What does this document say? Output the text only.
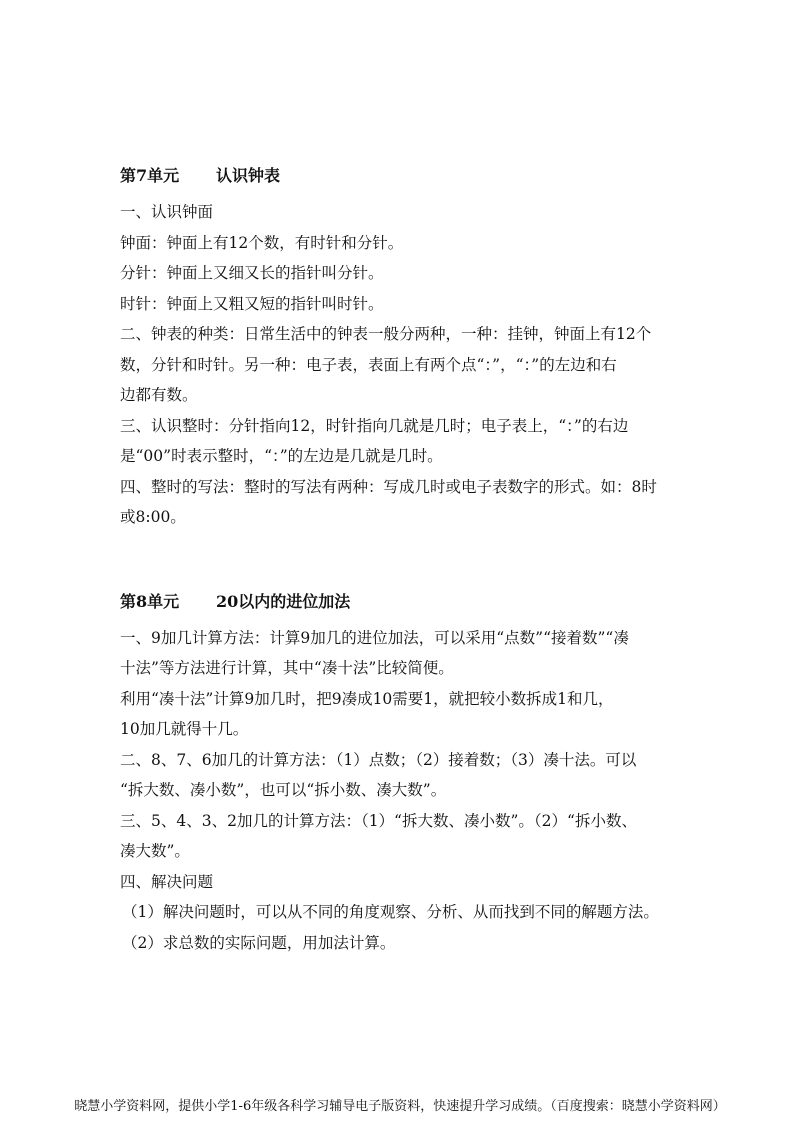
第7单元 认识钟表

一、认识钟面

钟面：钟面上有12个数，有时针和分针。

分针：钟面上又细又长的指针叫分针。

时针：钟面上又粗又短的指针叫时针。

二、钟表的种类：日常生活中的钟表一般分两种，一种：挂钟，钟面上有12个

数，分针和时针。另一种：电子表，表面上有两个点“：”，“：”的左边和右

边都有数。

三、认识整时：分针指向12，时针指向几就是几时；电子表上，“：”的右边

是“00”时表示整时，“：”的左边是几就是几时。

四、整时的写法：整时的写法有两种：写成几时或电子表数字的形式。如：8时

或8:00。

第8单元 20以内的进位加法

一、9加几计算方法：计算9加几的进位加法，可以采用“点数”“接着数”“凑

十法”等方法进行计算，其中“凑十法”比较简便。

利用“凑十法”计算9加几时，把9凑成10需要1，就把较小数拆成1和几，

10加几就得十几。

二、8、7、6加几的计算方法：（1）点数；（2）接着数；（3）凑十法。可以

“拆大数、凑小数”，也可以“拆小数、凑大数”。

三、5、4、3、2加几的计算方法：（1）“拆大数、凑小数”。（2）“拆小数、

凑大数”。

四、解决问题

（1）解决问题时，可以从不同的角度观察、分析、从而找到不同的解题方法。

（2）求总数的实际问题，用加法计算。

晓慧小学资料网，提供小学1-6年级各科学习辅导电子版资料，快速提升学习成绩。（百度搜索：晓慧小学资料网）
